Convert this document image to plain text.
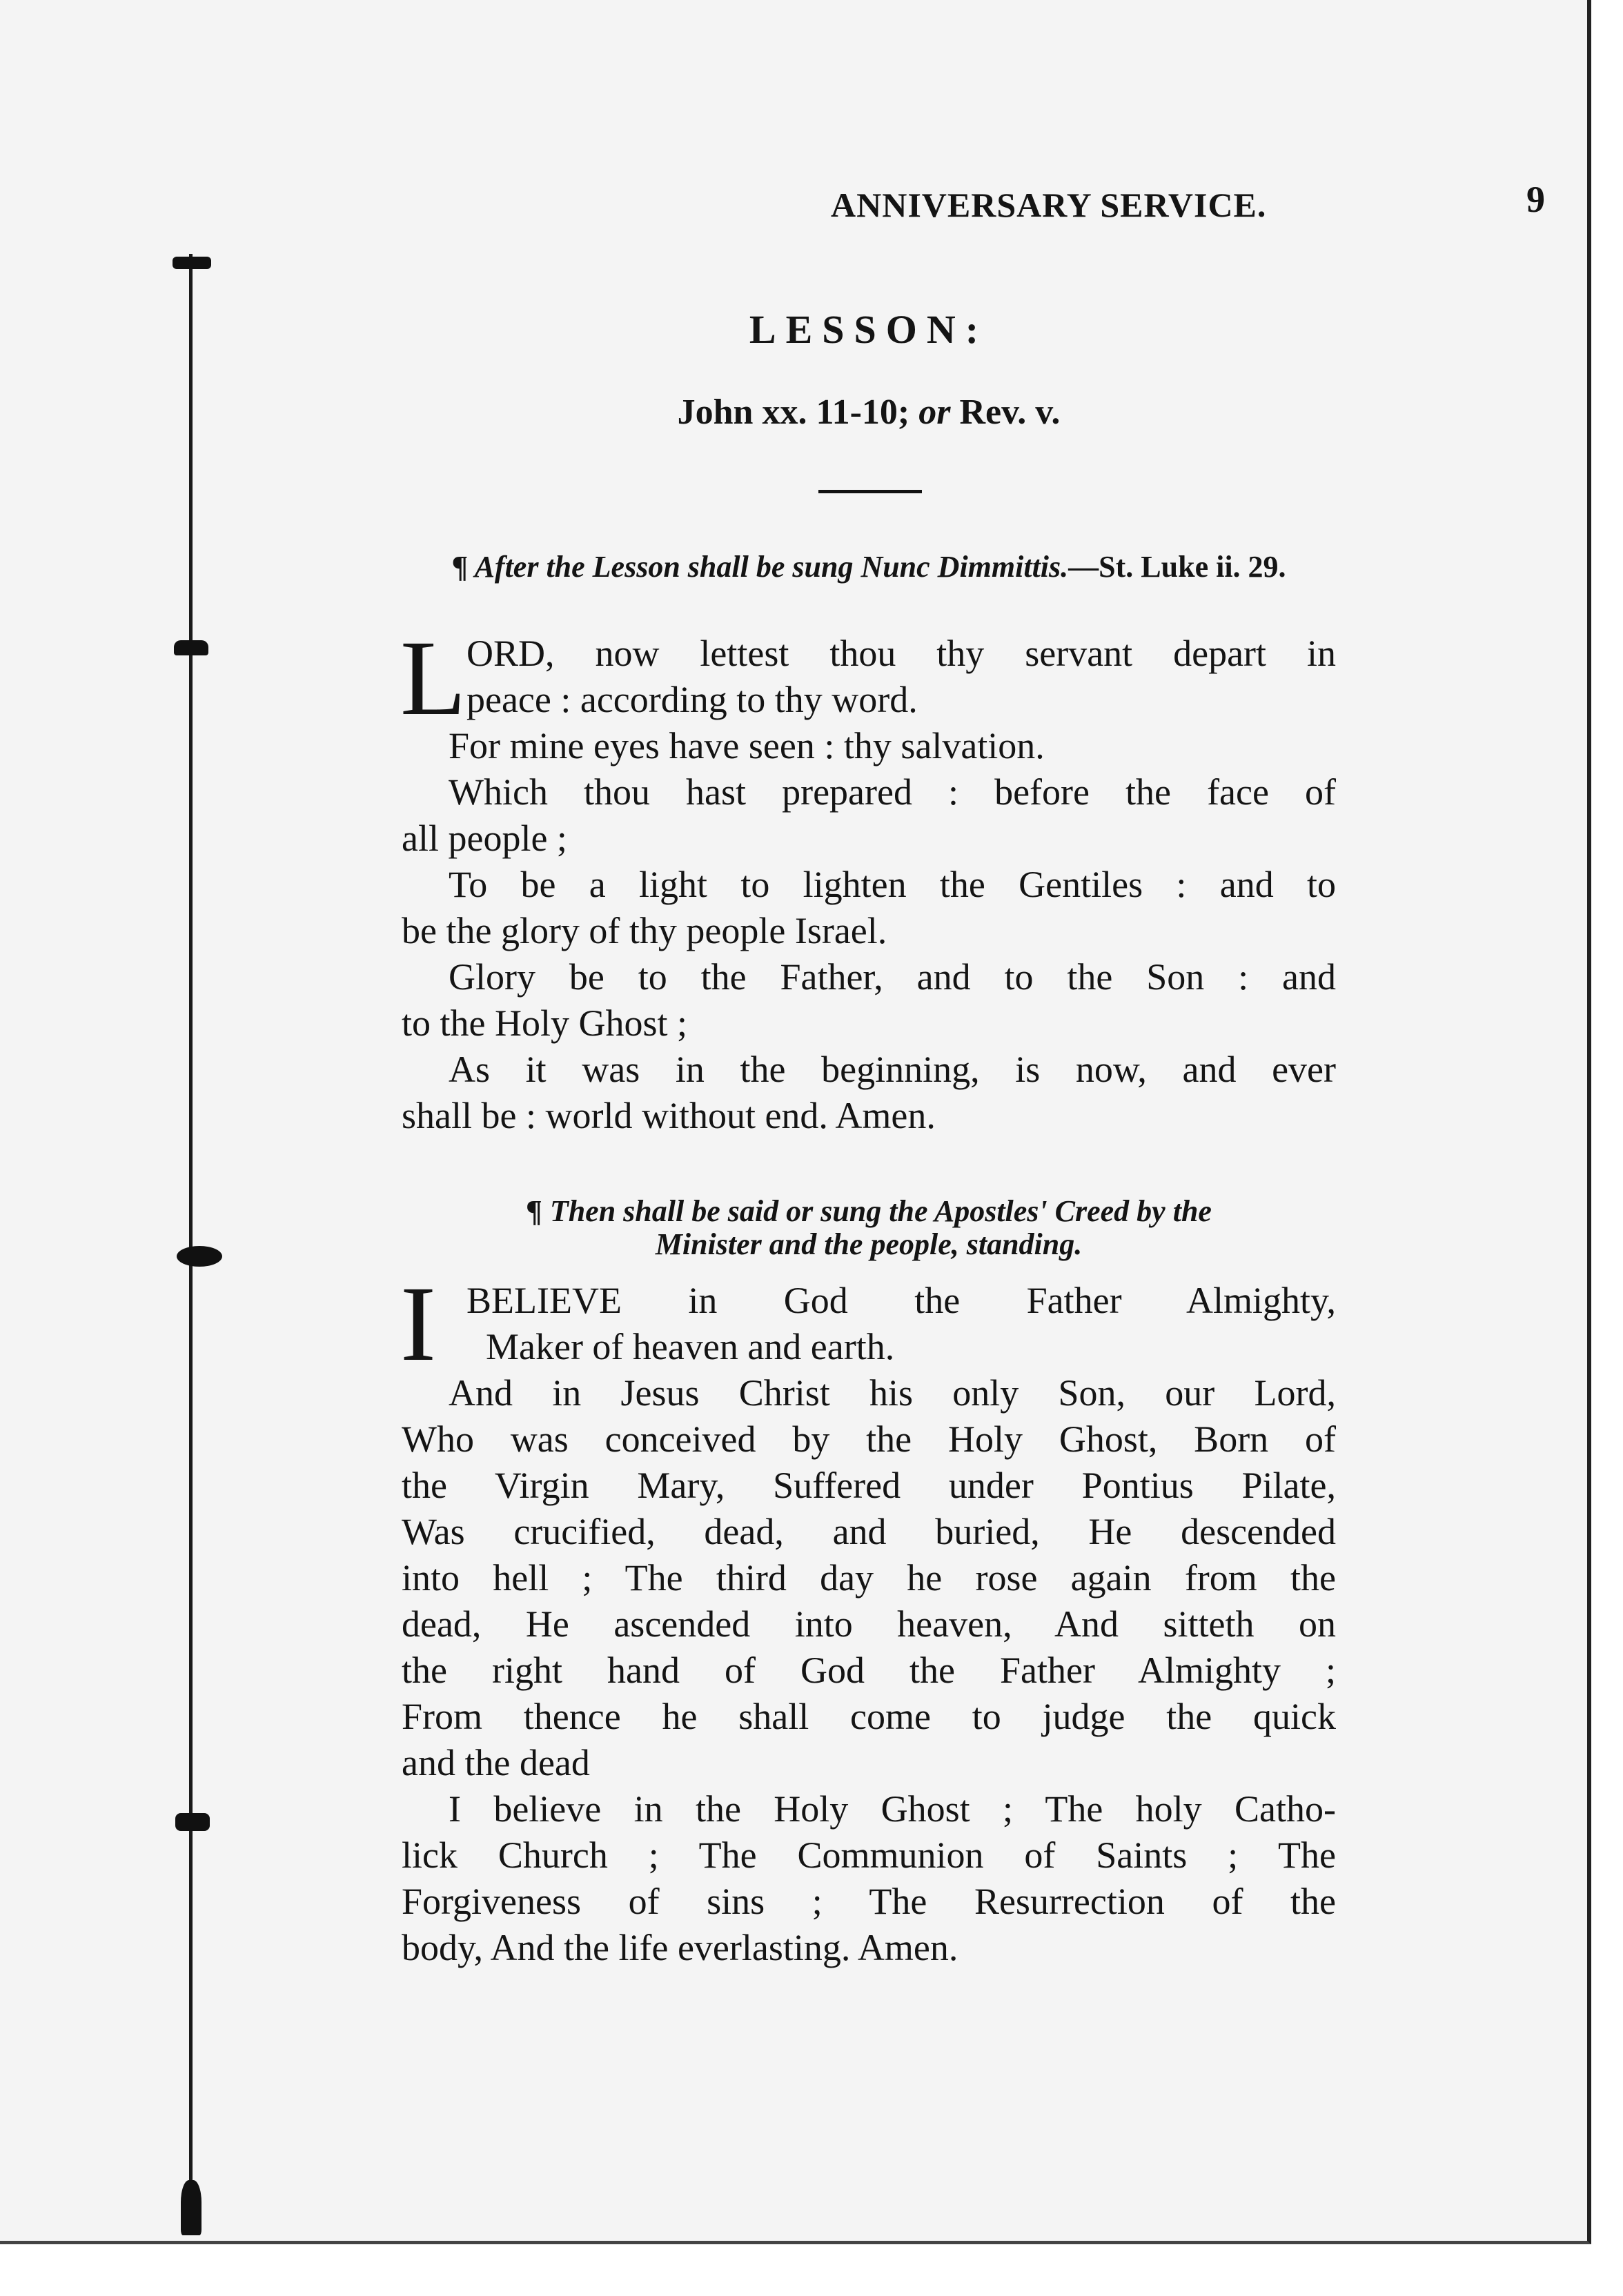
ANNIVERSARY SERVICE.	9
LESSON:
John xx. 11-10; or Rev. v.
¶ After the Lesson shall be sung Nunc Dimmittis.—St. Luke ii. 29.
L ORD, now lettest thou thy servant depart in
peace : according to thy word.
For mine eyes have seen : thy salvation.
Which thou hast prepared : before the face of
all people ;
To be a light to lighten the Gentiles : and to
be the glory of thy people Israel.
Glory be to the Father, and to the Son : and
to the Holy Ghost ;
As it was in the beginning, is now, and ever
shall be : world without end. Amen.
¶ Then shall be said or sung the Apostles' Creed by the
Minister and the people, standing.
I BELIEVE in God the Father Almighty,
Maker of heaven and earth.
And in Jesus Christ his only Son, our Lord,
Who was conceived by the Holy Ghost, Born of
the Virgin Mary, Suffered under Pontius Pilate,
Was crucified, dead, and buried, He descended
into hell ; The third day he rose again from the
dead, He ascended into heaven, And sitteth on
the right hand of God the Father Almighty ;
From thence he shall come to judge the quick
and the dead
I believe in the Holy Ghost ; The holy Catho-
lick Church ; The Communion of Saints ; The
Forgiveness of sins ; The Resurrection of the
body, And the life everlasting. Amen.
